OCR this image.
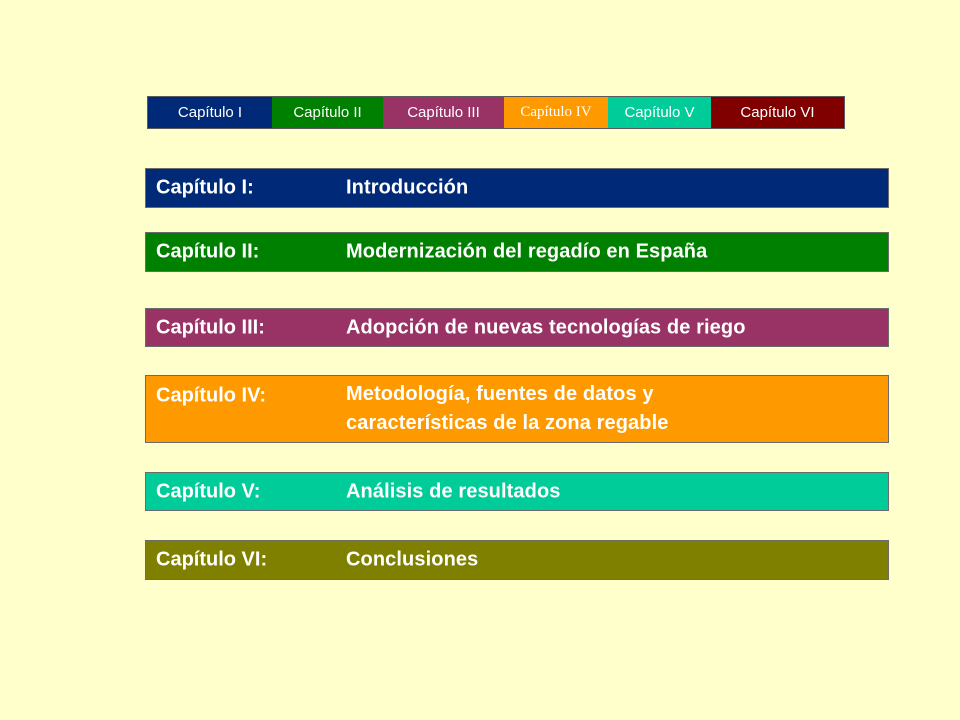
Capítulo I	Capítulo II	Capítulo III	Capítulo IV	Capítulo V	Capítulo VI
Capítulo I:	Introducción
Capítulo II:	Modernización del regadío en España
Capítulo III:	Adopción de nuevas tecnologías de riego
Capítulo IV:	Metodología, fuentes de datos y
características de la zona regable
Capítulo V:	Análisis de resultados
Capítulo VI:	Conclusiones
